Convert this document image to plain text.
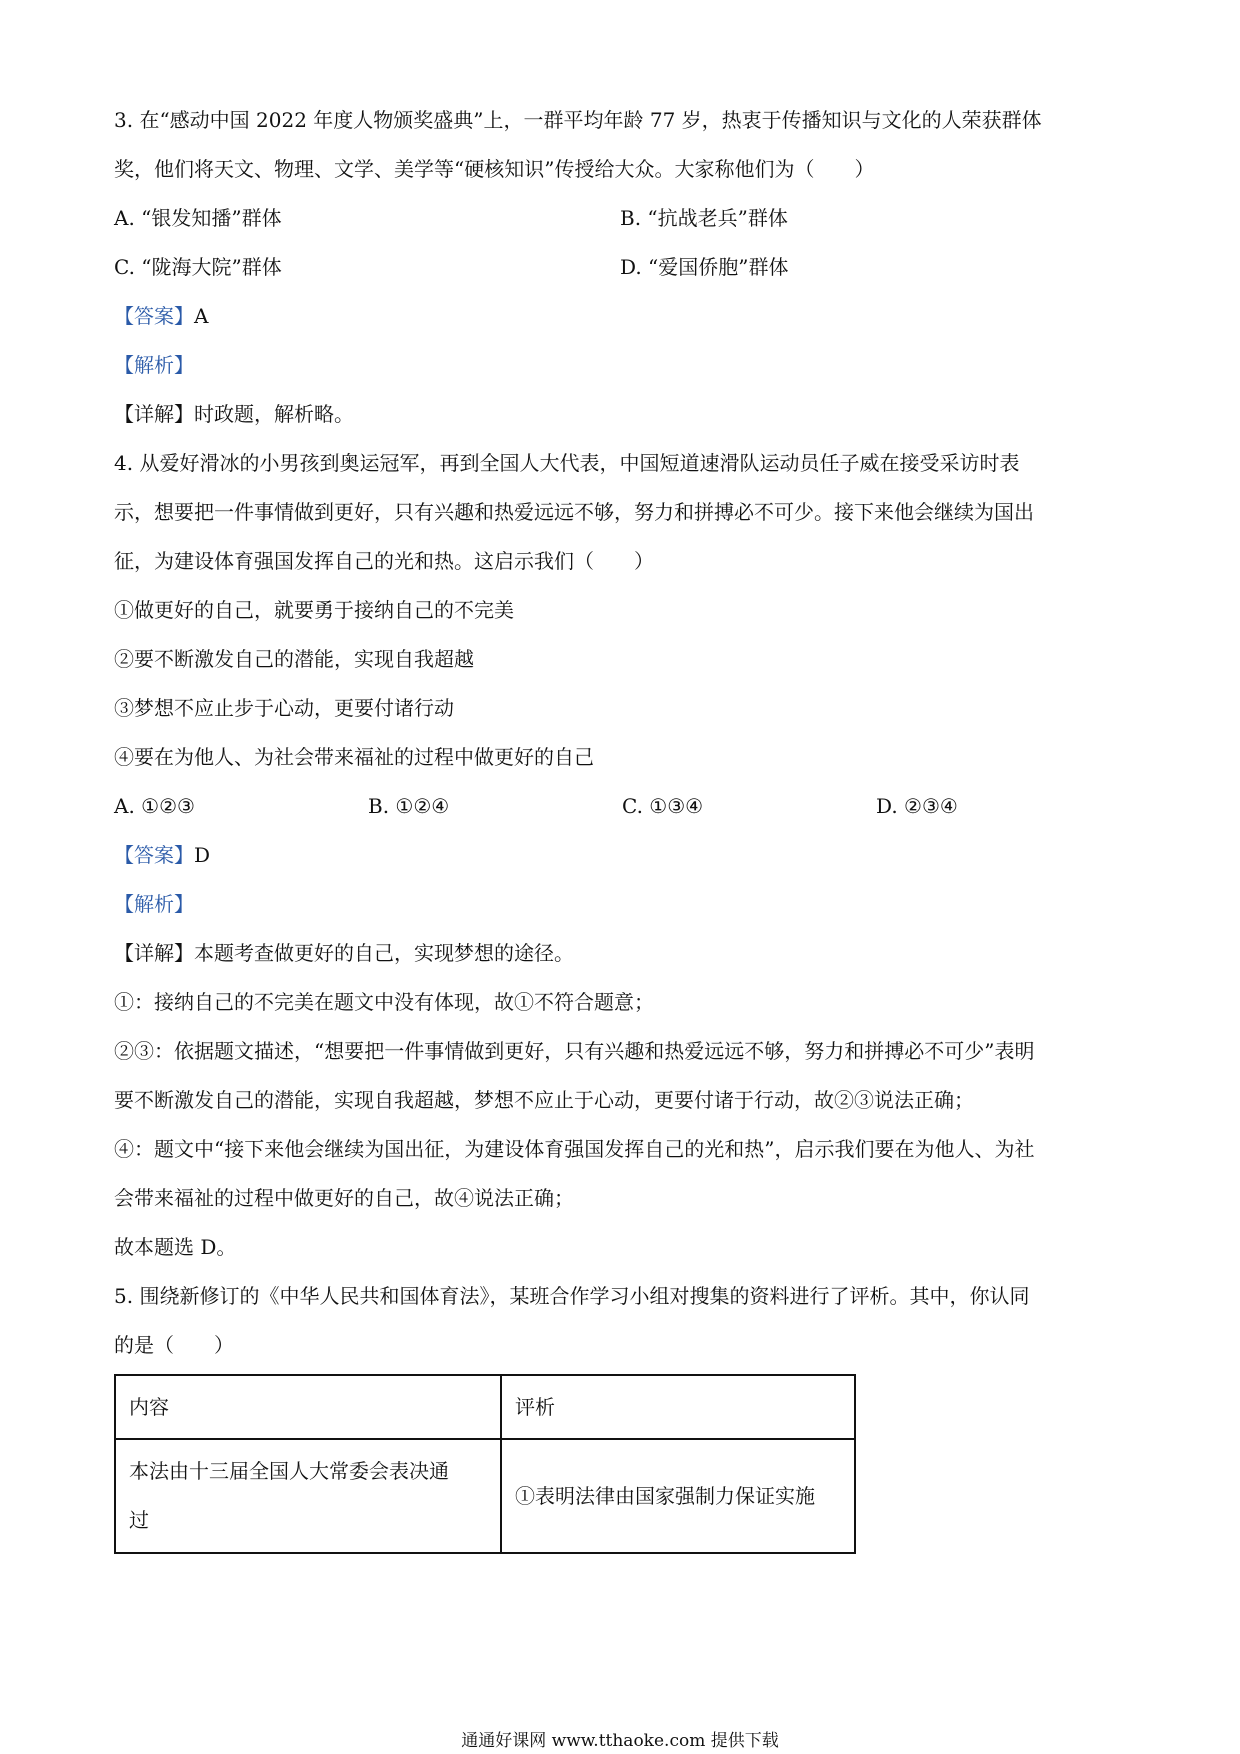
3. 在“感动中国 2022 年度人物颁奖盛典”上，一群平均年龄 77 岁，热衷于传播知识与文化的人荣获群体

奖，他们将天文、物理、文学、美学等“硬核知识”传授给大众。大家称他们为（　　）

A. “银发知播”群体	B. “抗战老兵”群体
C. “陇海大院”群体	D. “爱国侨胞”群体

【答案】A

【解析】

【详解】时政题，解析略。

4. 从爱好滑冰的小男孩到奥运冠军，再到全国人大代表，中国短道速滑队运动员任子威在接受采访时表

示，想要把一件事情做到更好，只有兴趣和热爱远远不够，努力和拼搏必不可少。接下来他会继续为国出

征，为建设体育强国发挥自己的光和热。这启示我们（　　）

①做更好的自己，就要勇于接纳自己的不完美

②要不断激发自己的潜能，实现自我超越

③梦想不应止步于心动，更要付诸行动

④要在为他人、为社会带来福祉的过程中做更好的自己

A. ①②③	B. ①②④	C. ①③④	D. ②③④

【答案】D

【解析】

【详解】本题考查做更好的自己，实现梦想的途径。

①：接纳自己的不完美在题文中没有体现，故①不符合题意；

②③：依据题文描述，“想要把一件事情做到更好，只有兴趣和热爱远远不够，努力和拼搏必不可少”表明

要不断激发自己的潜能，实现自我超越，梦想不应止于心动，更要付诸于行动，故②③说法正确；

④：题文中“接下来他会继续为国出征，为建设体育强国发挥自己的光和热”，启示我们要在为他人、为社

会带来福祉的过程中做更好的自己，故④说法正确；

故本题选 D。

5. 围绕新修订的《中华人民共和国体育法》，某班合作学习小组对搜集的资料进行了评析。其中，你认同

的是（　　）

内容	评析

本法由十三届全国人大常委会表决通
过	①表明法律由国家强制力保证实施
通通好课网 www.tthaoke.com 提供下载
